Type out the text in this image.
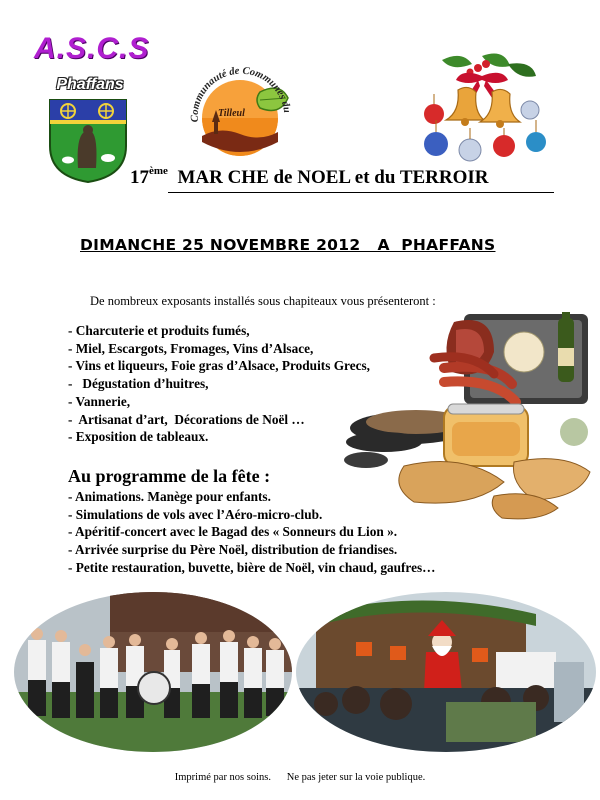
A.S.C.S
Phaffans
Communauté de Communes du
Tilleul
17ème MAR CHE de NOEL et du TERROIR
DIMANCHE 25 NOVEMBRE 2012   A  PHAFFANS
De nombreux exposants installés sous chapiteaux vous présenteront :
- Charcuterie et produits fumés,
- Miel, Escargots, Fromages, Vins d’Alsace,
- Vins et liqueurs, Foie gras d’Alsace, Produits Grecs,
-   Dégustation d’huitres,
- Vannerie,
-  Artisanat d’art,  Décorations de Noël …
- Exposition de tableaux.
Au programme de la fête :
- Animations. Manège pour enfants.
- Simulations de vols avec l’Aéro-micro-club.
- Apéritif-concert avec le Bagad des « Sonneurs du Lion ».
- Arrivée surprise du Père Noël, distribution de friandises.
- Petite restauration, buvette, bière de Noël, vin chaud, gaufres…
Imprimé par nos soins.      Ne pas jeter sur la voie publique.
